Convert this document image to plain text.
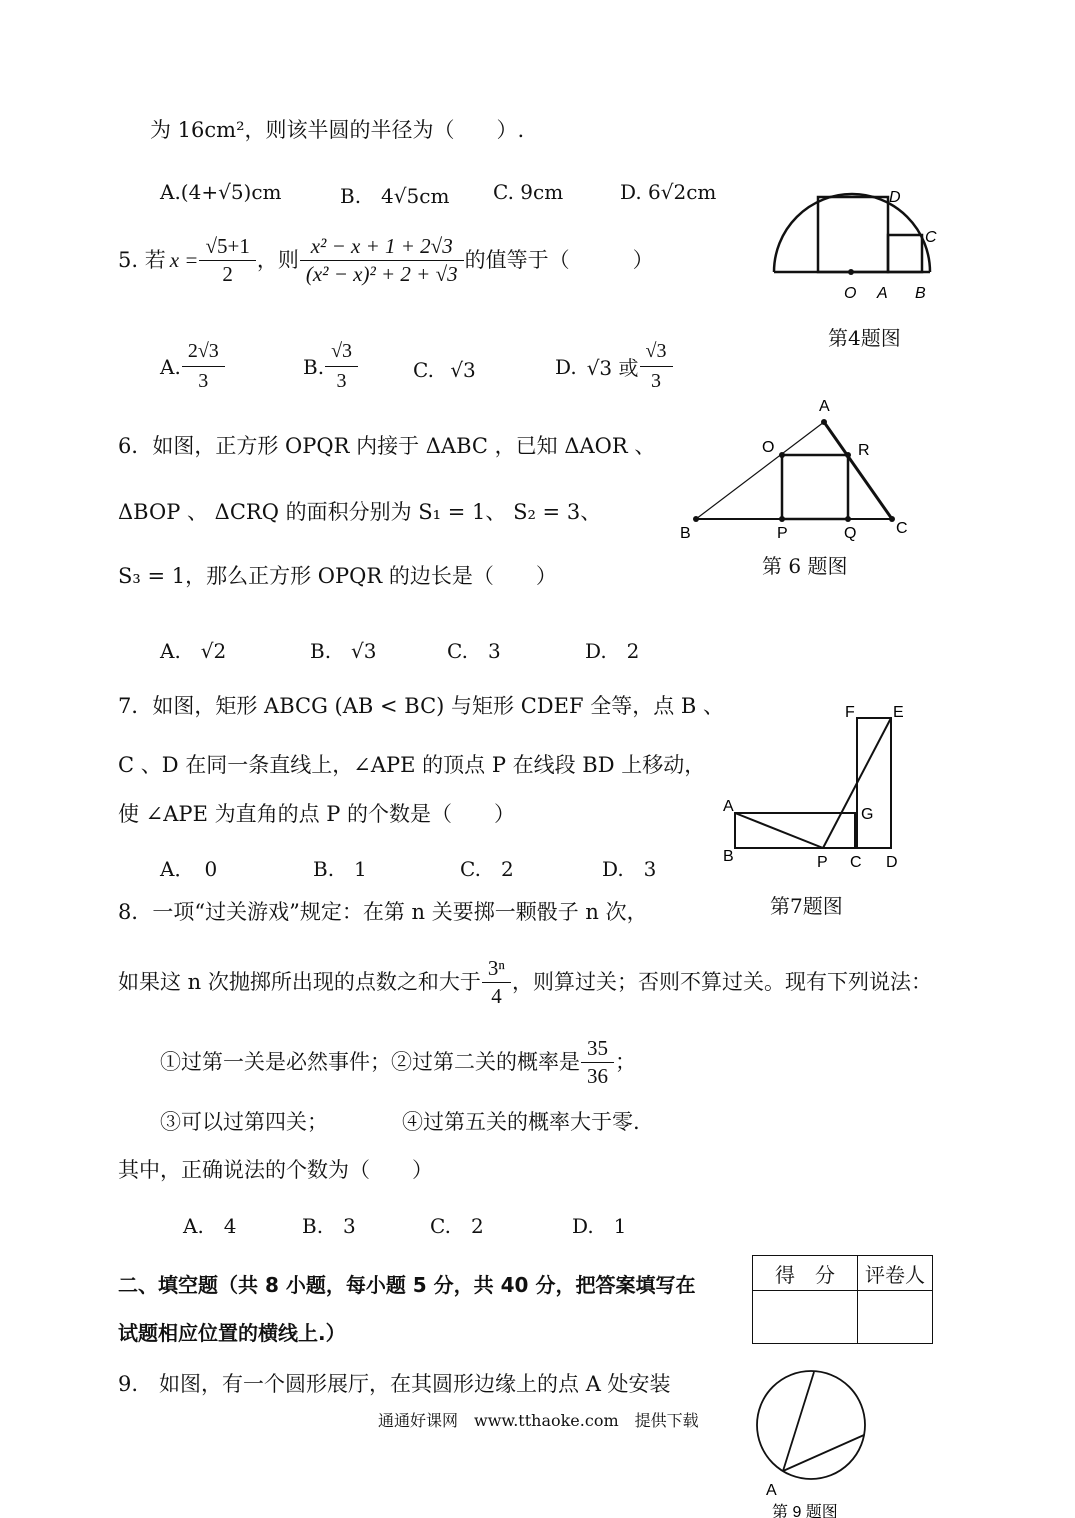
为 16cm²，则该半圆的半径为（　　）.
A.(4+√5)cm	B.　4√5cm C. 9cm	D. 6√2cm	D
C
O A B
第4题图
5. 若 $x = \frac{√5+1}{2}$ ，则 $\frac{\text{x² − x + 1 + 2√3}}{\text{(x² − x)² + 2 + √3}}$ 的值等于（　　　）
A. $\frac{2√3}{3}$	B. $\frac{√3}{3}$	C. √3	D. √3 或 $\frac{√3}{3}$
6．如图，正方形 OPQR 内接于 ΔABC ，已知 ΔAOR 、
ΔBOP 、 ΔCRQ 的面积分别为 S₁ = 1、 S₂ = 3、
S₃ = 1，那么正方形 OPQR 的边长是（　　）
A.　√2	B.　√3	C.　3	D.　2
A
O	R
B	P	Q C
第 6 题图
7．如图，矩形 ABCG (AB < BC) 与矩形 CDEF 全等，点 B 、
C 、D 在同一条直线上，∠APE 的顶点 P 在线段 BD 上移动，
使 ∠APE 为直角的点 P 的个数是（　　）
A．　0	B.　1	C.　2	D.　3
F E
A	G
B	P C D
第7题图
8．一项“过关游戏”规定：在第 n 关要掷一颗骰子 n 次，
如果这 n 次抛掷所出现的点数之和大于 $\frac{\text{3ⁿ}}{4}$ ，则算过关；否则不算过关。现有下列说法：
①过第一关是必然事件；②过第二关的概率是 $\frac{35}{36}$ ；
③可以过第四关；	④过第五关的概率大于零.
其中，正确说法的个数为（　　）
A.　4	B.　3	C.　2	D.　1
二、填空题（共 8 小题，每小题 5 分，共 40 分，把答案填写在
试题相应位置的横线上.）
得　分	评卷人

9.　如图，有一个圆形展厅，在其圆形边缘上的点 A 处安装
A
第 9 题图
通通好课网　www.tthaoke.com　提供下载
